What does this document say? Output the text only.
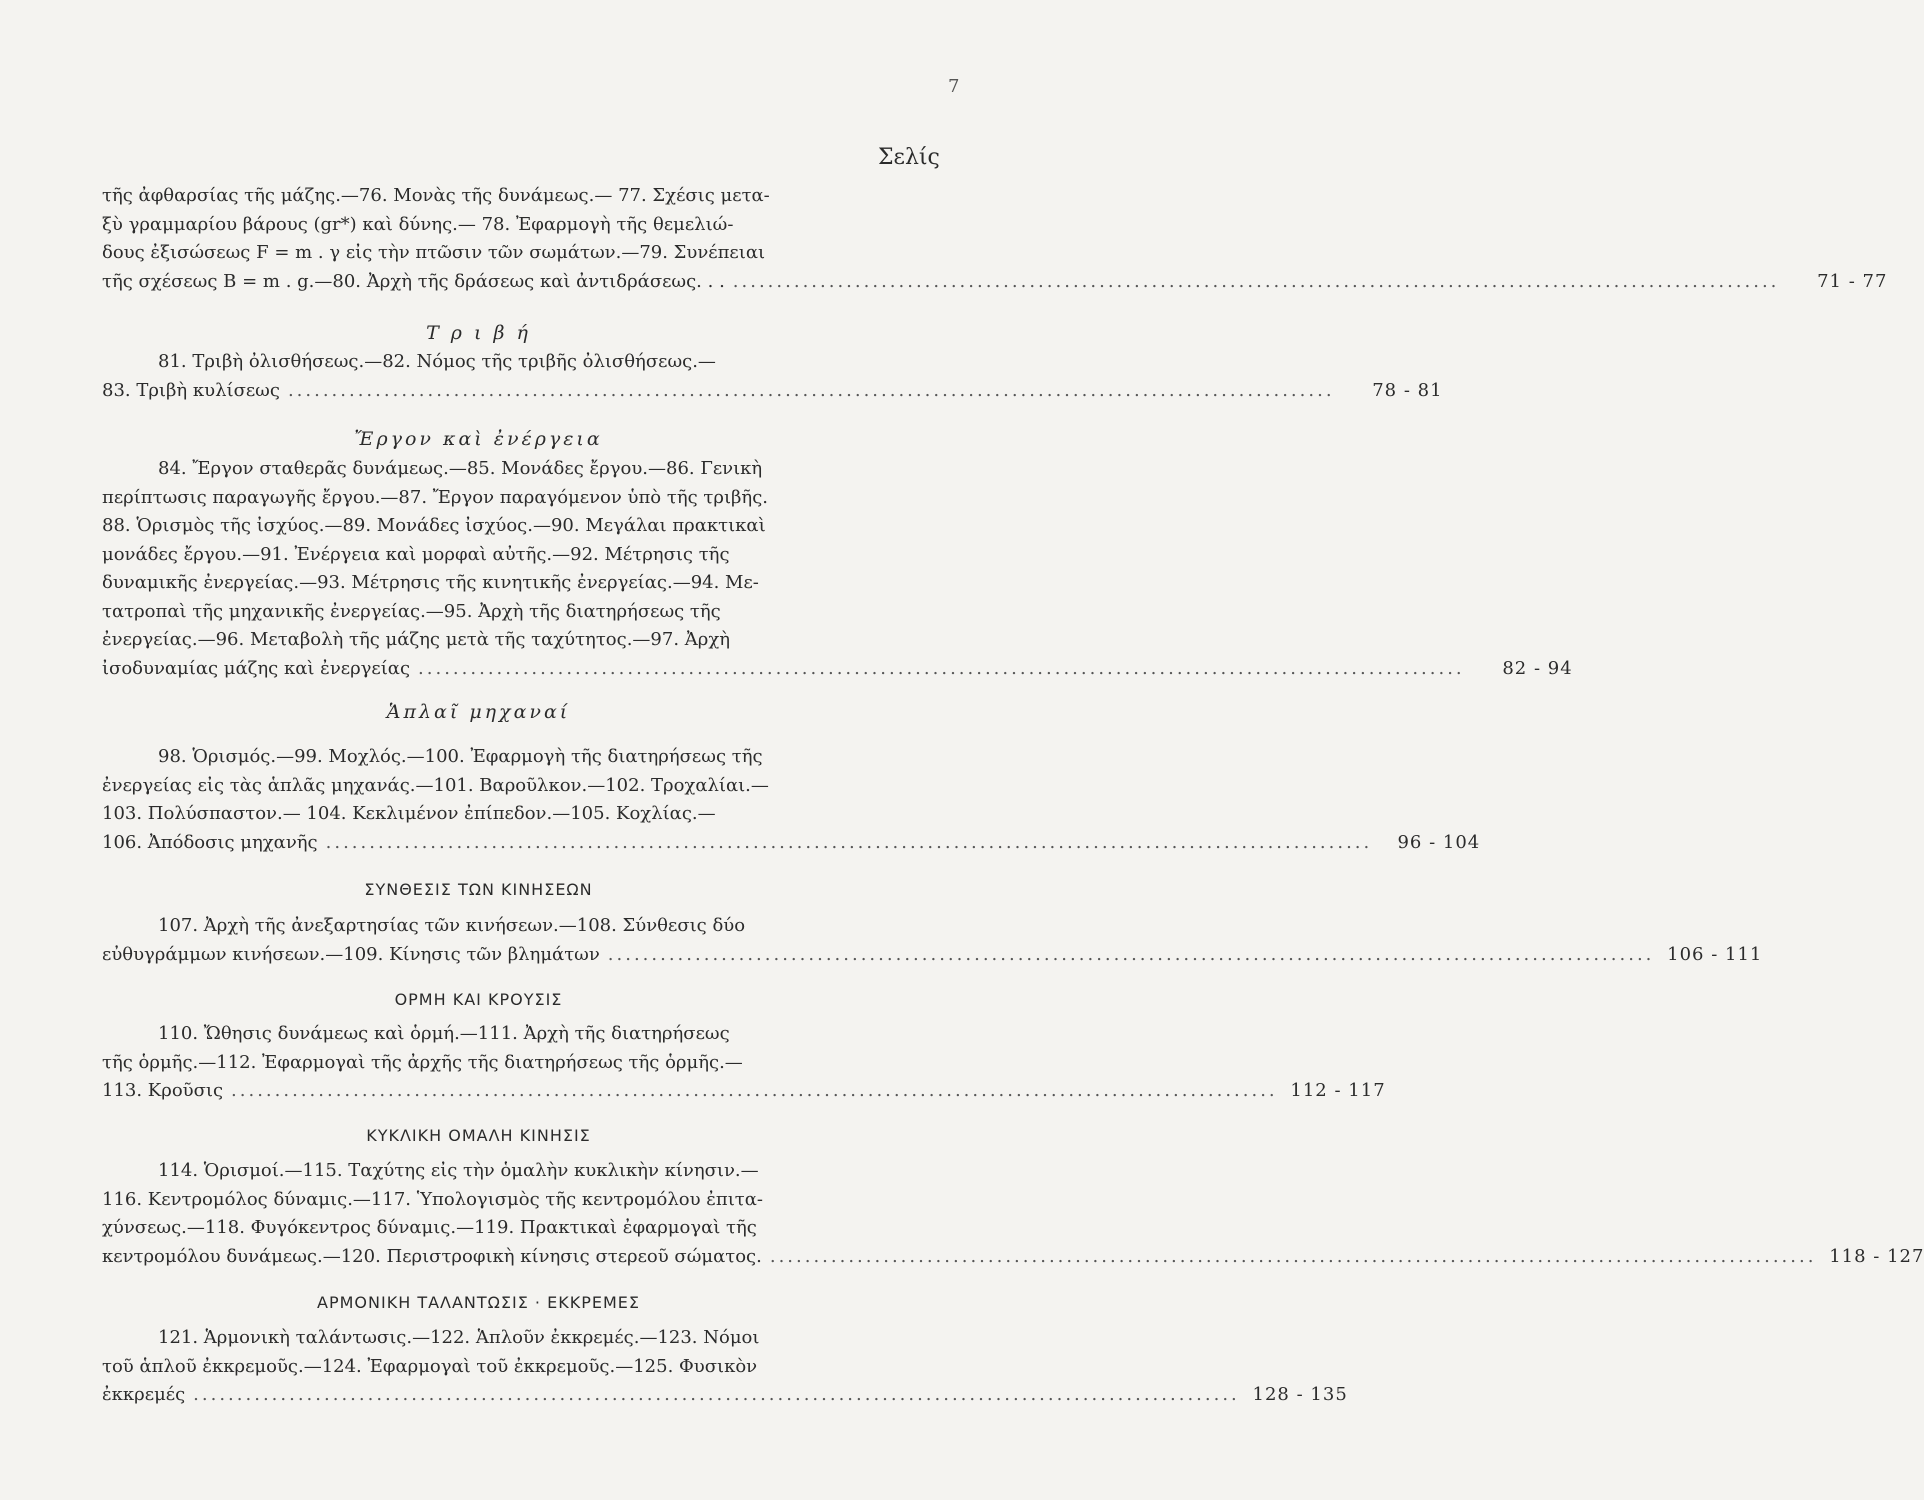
7
Σελίς
τῆς ἀφθαρσίας τῆς μάζης.—76. Μονὰς τῆς δυνάμεως.— 77. Σχέσις μετα-
ξὺ γραμμαρίου βάρους (gr*) καὶ δύνης.— 78. Ἐφαρμογὴ τῆς θεμελιώ-
δους ἐξισώσεως F = m . γ εἰς τὴν πτῶσιν τῶν σωμάτων.—79. Συνέπειαι
τῆς σχέσεως B = m . g.—80. Ἀρχὴ τῆς δράσεως καὶ ἀντιδράσεως. . . ........................................................................................................................	71 - 77
Τ ρ ι β ή
81. Τριβὴ ὀλισθήσεως.—82. Νόμος τῆς τριβῆς ὀλισθήσεως.—
83. Τριβὴ κυλίσεως ........................................................................................................................	78 - 81
Ἔργον καὶ ἐνέργεια
84. Ἔργον σταθερᾶς δυνάμεως.—85. Μονάδες ἔργου.—86. Γενικὴ
περίπτωσις παραγωγῆς ἔργου.—87. Ἔργον παραγόμενον ὑπὸ τῆς τριβῆς.
88. Ὁρισμὸς τῆς ἰσχύος.—89. Μονάδες ἰσχύος.—90. Μεγάλαι πρακτικαὶ
μονάδες ἔργου.—91. Ἐνέργεια καὶ μορφαὶ αὐτῆς.—92. Μέτρησις τῆς
δυναμικῆς ἐνεργείας.—93. Μέτρησις τῆς κινητικῆς ἐνεργείας.—94. Με-
τατροπαὶ τῆς μηχανικῆς ἐνεργείας.—95. Ἀρχὴ τῆς διατηρήσεως τῆς
ἐνεργείας.—96. Μεταβολὴ τῆς μάζης μετὰ τῆς ταχύτητος.—97. Ἀρχὴ
ἰσοδυναμίας μάζης καὶ ἐνεργείας ........................................................................................................................	82 - 94
Ἁπλαῖ μηχαναί
98. Ὁρισμός.—99. Μοχλός.—100. Ἐφαρμογὴ τῆς διατηρήσεως τῆς
ἐνεργείας εἰς τὰς ἁπλᾶς μηχανάς.—101. Βαροῦλκον.—102. Τροχαλίαι.—
103. Πολύσπαστον.— 104. Κεκλιμένον ἐπίπεδον.—105. Κοχλίας.—
106. Ἀπόδοσις μηχανῆς ........................................................................................................................	96 - 104
ΣΥΝΘΕΣΙΣ ΤΩΝ ΚΙΝΗΣΕΩΝ
107. Ἀρχὴ τῆς ἀνεξαρτησίας τῶν κινήσεων.—108. Σύνθεσις δύο
εὐθυγράμμων κινήσεων.—109. Κίνησις τῶν βλημάτων ........................................................................................................................ 106 - 111
ΟΡΜΗ ΚΑΙ ΚΡΟΥΣΙΣ
110. Ὤθησις δυνάμεως καὶ ὁρμή.—111. Ἀρχὴ τῆς διατηρήσεως
τῆς ὁρμῆς.—112. Ἐφαρμογαὶ τῆς ἀρχῆς τῆς διατηρήσεως τῆς ὁρμῆς.—
113. Κροῦσις ........................................................................................................................ 112 - 117
ΚΥΚΛΙΚΗ ΟΜΑΛΗ ΚΙΝΗΣΙΣ
114. Ὁρισμοί.—115. Ταχύτης εἰς τὴν ὁμαλὴν κυκλικὴν κίνησιν.—
116. Κεντρομόλος δύναμις.—117. Ὑπολογισμὸς τῆς κεντρομόλου ἐπιτα-
χύνσεως.—118. Φυγόκεντρος δύναμις.—119. Πρακτικαὶ ἐφαρμογαὶ τῆς
κεντρομόλου δυνάμεως.—120. Περιστροφικὴ κίνησις στερεοῦ σώματος. ........................................................................................................................ 118 - 127
ΑΡΜΟΝΙΚΗ ΤΑΛΑΝΤΩΣΙΣ · ΕΚΚΡΕΜΕΣ
121. Ἁρμονικὴ ταλάντωσις.—122. Ἁπλοῦν ἐκκρεμές.—123. Νόμοι
τοῦ ἁπλοῦ ἐκκρεμοῦς.—124. Ἐφαρμογαὶ τοῦ ἐκκρεμοῦς.—125. Φυσικὸν
ἐκκρεμές ........................................................................................................................ 128 - 135
